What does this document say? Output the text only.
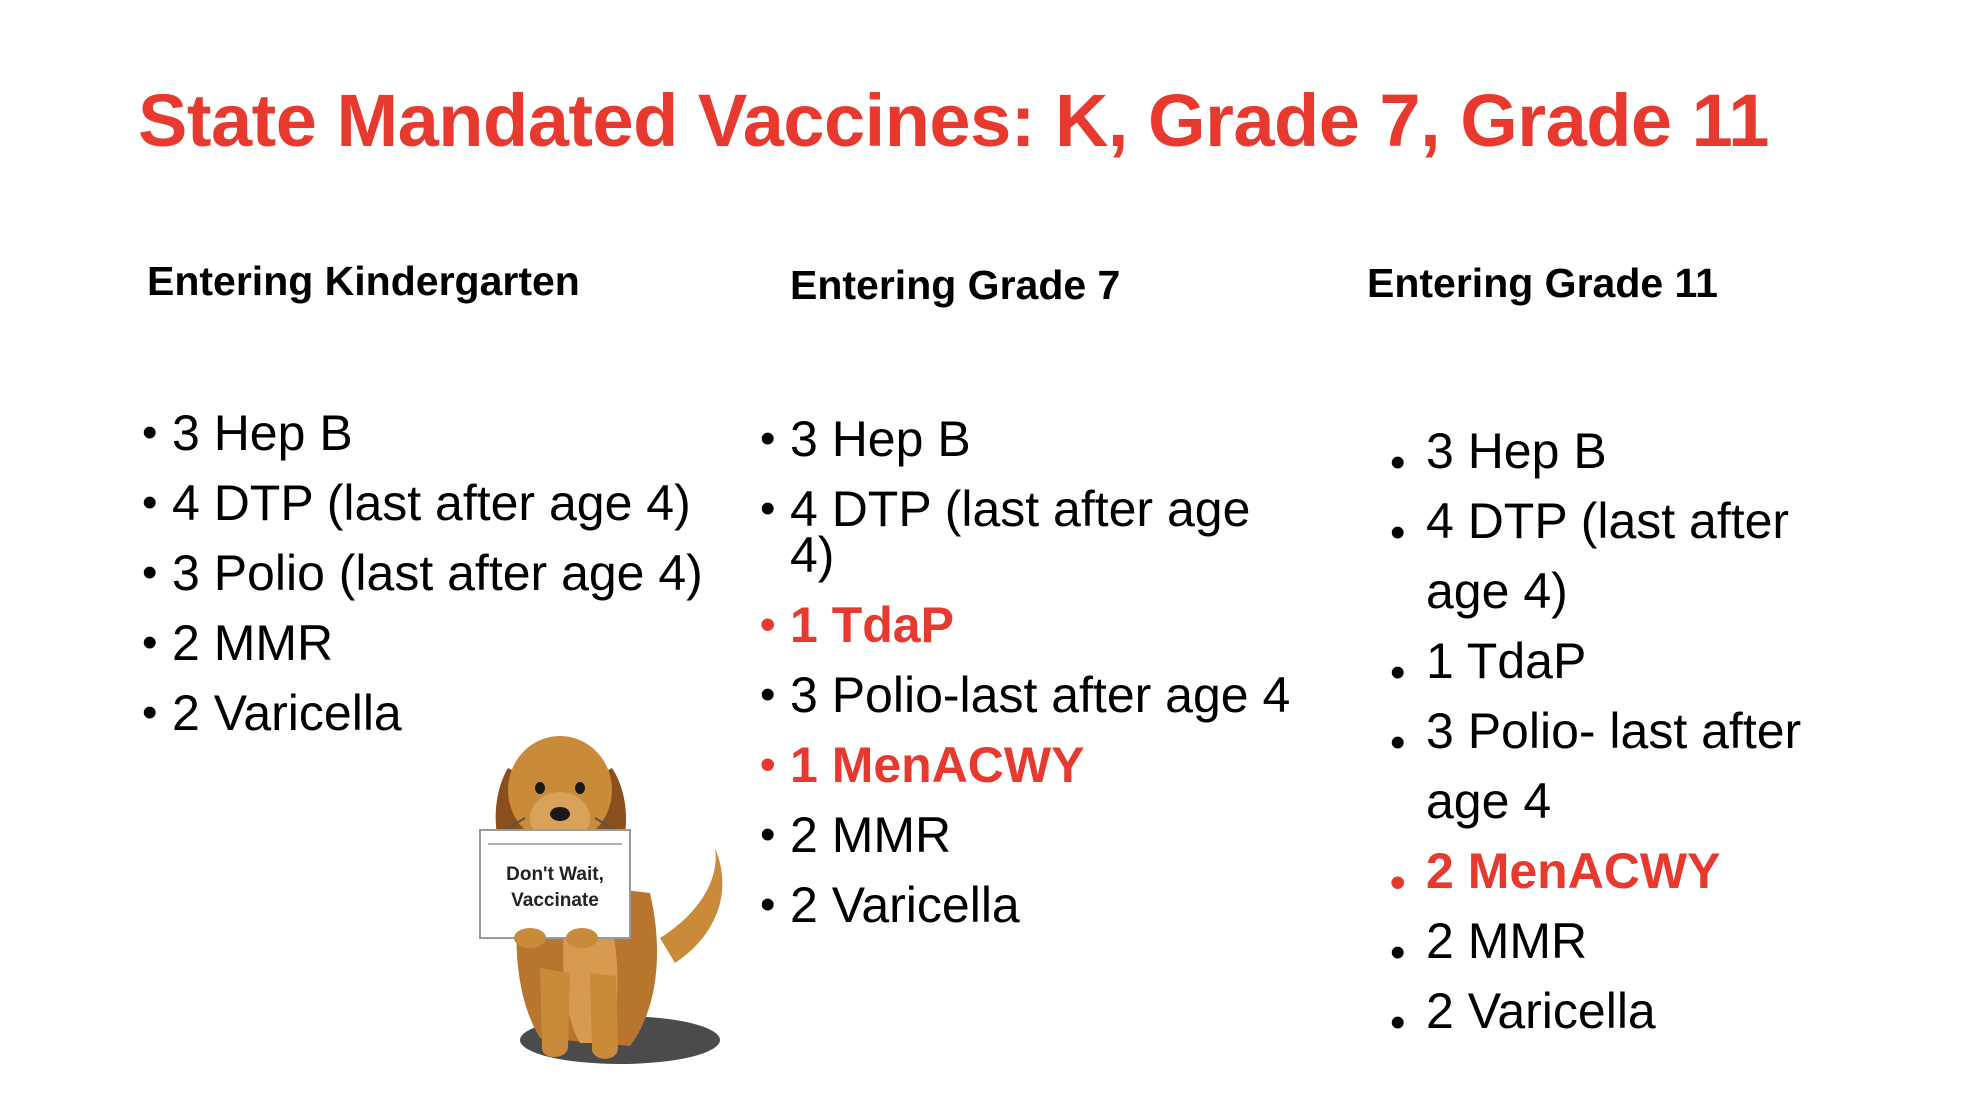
State Mandated Vaccines: K, Grade 7, Grade 11
Entering Kindergarten	Entering Grade 7	Entering Grade 11
• 3 Hep B
• 4 DTP (last after age 4)
• 3 Polio (last after age 4)
• 2 MMR
• 2 Varicella
• 3 Hep B
• 4 DTP (last after age 4)
• 1 TdaP
• 3 Polio-last after age 4
• 1 MenACWY
• 2 MMR
• 2 Varicella
• 3 Hep B
• 4 DTP (last after age 4)
• 1 TdaP
• 3 Polio- last after age 4
• 2 MenACWY
• 2 MMR
• 2 Varicella
Don't Wait,
Vaccinate
